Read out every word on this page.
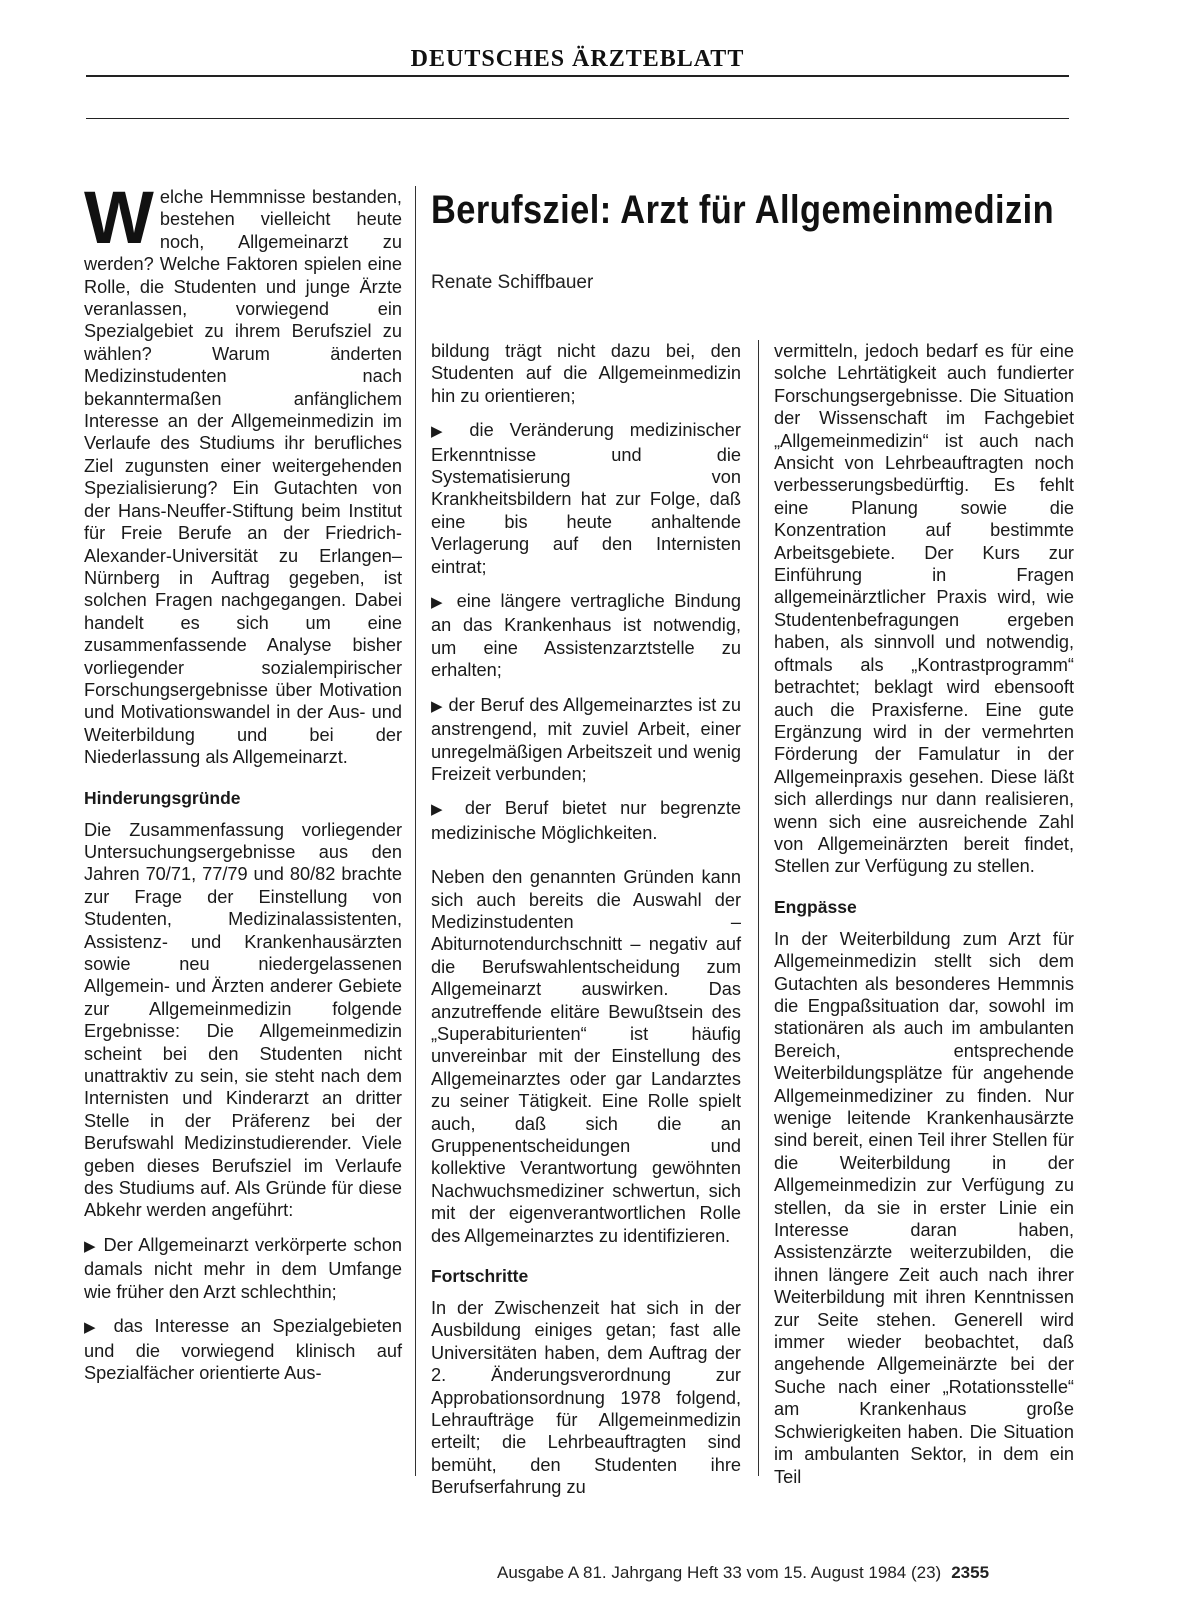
DEUTSCHES ÄRZTEBLATT

Welche Hemmnisse bestanden, bestehen vielleicht heute noch, Allgemeinarzt zu werden? Welche Faktoren spielen eine Rolle, die Studenten und junge Ärzte veranlassen, vorwiegend ein Spezialgebiet zu ihrem Berufsziel zu wählen? Warum änderten Medizinstudenten nach bekanntermaßen anfänglichem Interesse an der Allgemeinmedizin im Verlaufe des Studiums ihr berufliches Ziel zugunsten einer weitergehenden Spezialisierung? Ein Gutachten von der Hans-Neuffer-Stiftung beim Institut für Freie Berufe an der Friedrich-Alexander-Universität zu Erlangen–Nürnberg in Auftrag gegeben, ist solchen Fragen nachgegangen. Dabei handelt es sich um eine zusammenfassende Analyse bisher vorliegender sozialempirischer Forschungsergebnisse über Motivation und Motivationswandel in der Aus- und Weiterbildung und bei der Niederlassung als Allgemeinarzt.

Hinderungsgründe

Die Zusammenfassung vorliegender Untersuchungsergebnisse aus den Jahren 70/71, 77/79 und 80/82 brachte zur Frage der Einstellung von Studenten, Medizinalassistenten, Assistenz- und Krankenhausärzten sowie neu niedergelassenen Allgemein- und Ärzten anderer Gebiete zur Allgemeinmedizin folgende Ergebnisse: Die Allgemeinmedizin scheint bei den Studenten nicht unattraktiv zu sein, sie steht nach dem Internisten und Kinderarzt an dritter Stelle in der Präferenz bei der Berufswahl Medizinstudierender. Viele geben dieses Berufsziel im Verlaufe des Studiums auf. Als Gründe für diese Abkehr werden angeführt:

▶ Der Allgemeinarzt verkörperte schon damals nicht mehr in dem Umfange wie früher den Arzt schlechthin;

▶ das Interesse an Spezialgebieten und die vorwiegend klinisch auf Spezialfächer orientierte Aus-

Berufsziel: Arzt für Allgemeinmedizin
Renate Schiffbauer

bildung trägt nicht dazu bei, den Studenten auf die Allgemeinmedizin hin zu orientieren;

▶ die Veränderung medizinischer Erkenntnisse und die Systematisierung von Krankheitsbildern hat zur Folge, daß eine bis heute anhaltende Verlagerung auf den Internisten eintrat;

▶ eine längere vertragliche Bindung an das Krankenhaus ist notwendig, um eine Assistenzarztstelle zu erhalten;

▶ der Beruf des Allgemeinarztes ist zu anstrengend, mit zuviel Arbeit, einer unregelmäßigen Arbeitszeit und wenig Freizeit verbunden;

▶ der Beruf bietet nur begrenzte medizinische Möglichkeiten.

Neben den genannten Gründen kann sich auch bereits die Auswahl der Medizinstudenten – Abiturnotendurchschnitt – negativ auf die Berufswahlentscheidung zum Allgemeinarzt auswirken. Das anzutreffende elitäre Bewußtsein des „Superabiturienten“ ist häufig unvereinbar mit der Einstellung des Allgemeinarztes oder gar Landarztes zu seiner Tätigkeit. Eine Rolle spielt auch, daß sich die an Gruppenentscheidungen und kollektive Verantwortung gewöhnten Nachwuchsmediziner schwertun, sich mit der eigenverantwortlichen Rolle des Allgemeinarztes zu identifizieren.

Fortschritte

In der Zwischenzeit hat sich in der Ausbildung einiges getan; fast alle Universitäten haben, dem Auftrag der 2. Änderungsverordnung zur Approbationsordnung 1978 folgend, Lehraufträge für Allgemeinmedizin erteilt; die Lehrbeauftragten sind bemüht, den Studenten ihre Berufserfahrung zu

vermitteln, jedoch bedarf es für eine solche Lehrtätigkeit auch fundierter Forschungsergebnisse. Die Situation der Wissenschaft im Fachgebiet „Allgemeinmedizin“ ist auch nach Ansicht von Lehrbeauftragten noch verbesserungsbedürftig. Es fehlt eine Planung sowie die Konzentration auf bestimmte Arbeitsgebiete. Der Kurs zur Einführung in Fragen allgemeinärztlicher Praxis wird, wie Studentenbefragungen ergeben haben, als sinnvoll und notwendig, oftmals als „Kontrastprogramm“ betrachtet; beklagt wird ebensooft auch die Praxisferne. Eine gute Ergänzung wird in der vermehrten Förderung der Famulatur in der Allgemeinpraxis gesehen. Diese läßt sich allerdings nur dann realisieren, wenn sich eine ausreichende Zahl von Allgemeinärzten bereit findet, Stellen zur Verfügung zu stellen.

Engpässe

In der Weiterbildung zum Arzt für Allgemeinmedizin stellt sich dem Gutachten als besonderes Hemmnis die Engpaßsituation dar, sowohl im stationären als auch im ambulanten Bereich, entsprechende Weiterbildungsplätze für angehende Allgemeinmediziner zu finden. Nur wenige leitende Krankenhausärzte sind bereit, einen Teil ihrer Stellen für die Weiterbildung in der Allgemeinmedizin zur Verfügung zu stellen, da sie in erster Linie ein Interesse daran haben, Assistenzärzte weiterzubilden, die ihnen längere Zeit auch nach ihrer Weiterbildung mit ihren Kenntnissen zur Seite stehen. Generell wird immer wieder beobachtet, daß angehende Allgemeinärzte bei der Suche nach einer „Rotationsstelle“ am Krankenhaus große Schwierigkeiten haben. Die Situation im ambulanten Sektor, in dem ein Teil

Ausgabe A 81. Jahrgang Heft 33 vom 15. August 1984 (23) 2355
